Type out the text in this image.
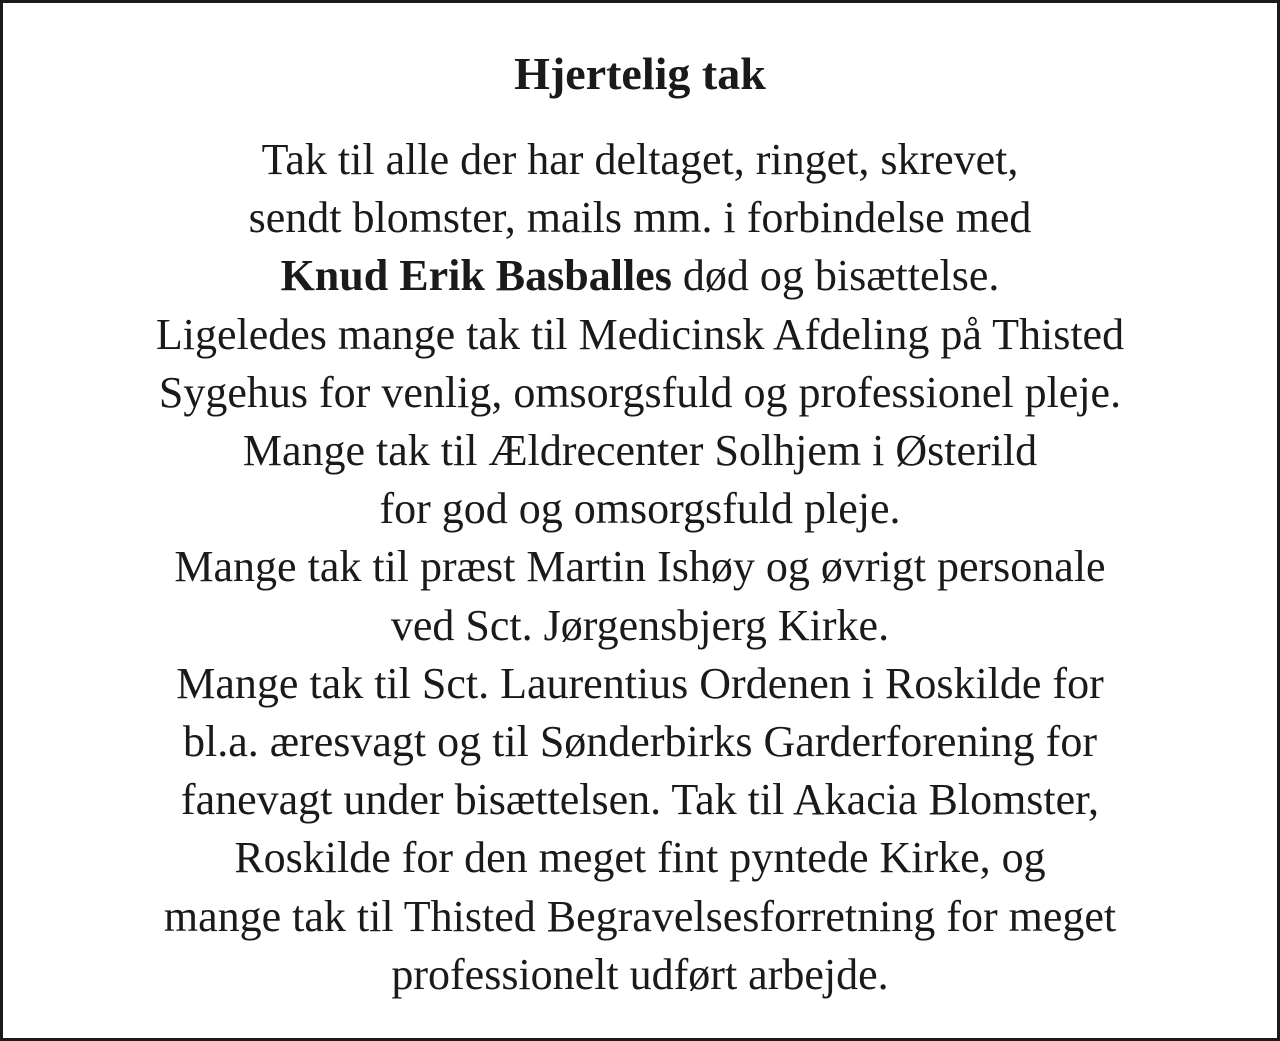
Hjertelig tak
Tak til alle der har deltaget, ringet, skrevet,
sendt blomster, mails mm. i forbindelse med
Knud Erik Basballes død og bisættelse.
Ligeledes mange tak til Medicinsk Afdeling på Thisted
Sygehus for venlig, omsorgsfuld og professionel pleje.
Mange tak til Ældrecenter Solhjem i Østerild
for god og omsorgsfuld pleje.
Mange tak til præst Martin Ishøy og øvrigt personale
ved Sct. Jørgensbjerg Kirke.
Mange tak til Sct. Laurentius Ordenen i Roskilde for
bl.a. æresvagt og til Sønderbirks Garderforening for
fanevagt under bisættelsen. Tak til Akacia Blomster,
Roskilde for den meget fint pyntede Kirke, og
mange tak til Thisted Begravelsesforretning for meget
professionelt udført arbejde.
